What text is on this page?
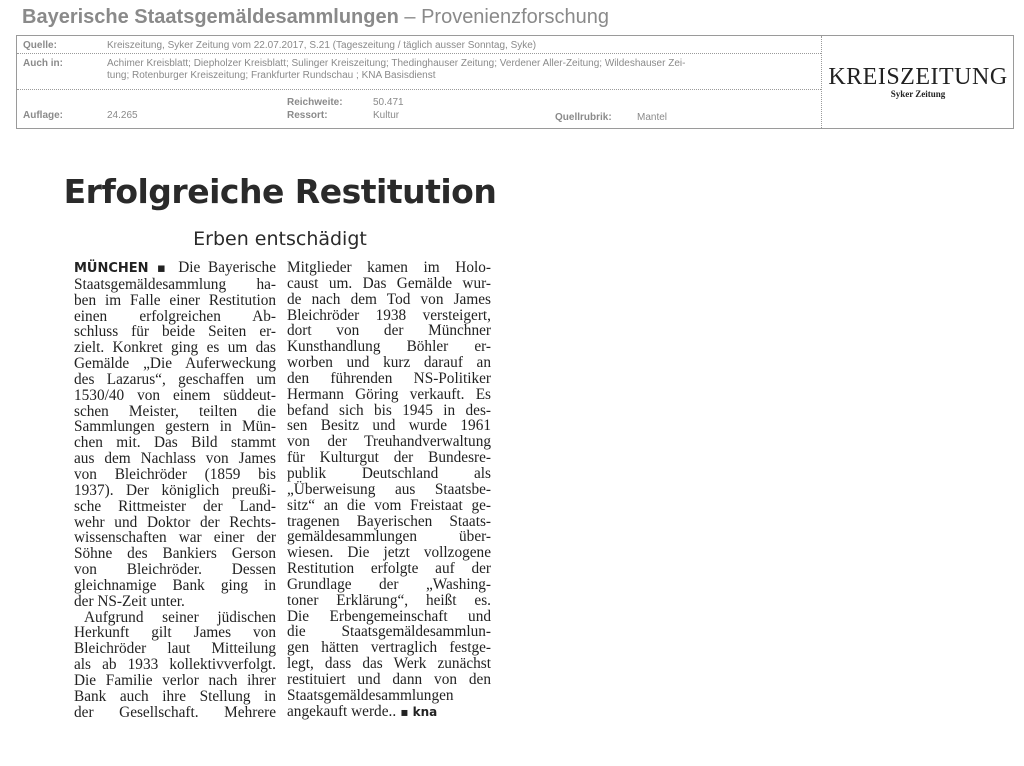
Bayerische Staatsgemäldesammlungen – Provenienzforschung
Quelle:	Kreiszeitung, Syker Zeitung vom 22.07.2017, S.21 (Tageszeitung / täglich ausser Sonntag, Syke)
Auch in:	Achimer Kreisblatt; Diepholzer Kreisblatt; Sulinger Kreiszeitung; Thedinghauser Zeitung; Verdener Aller-Zeitung; Wildeshauser Zei-
tung; Rotenburger Kreiszeitung; Frankfurter Rundschau ; KNA Basisdienst
Auflage:	24.265
Reichweite:	50.471
Ressort:	Kultur	Quellrubrik:	Mantel
KREISZEITUNG
Syker Zeitung
Erfolgreiche Restitution
Erben entschädigt
MÜNCHEN ▪ Die Bayerische
Staatsgemäldesammlung ha-
ben im Falle einer Restitution
einen erfolgreichen Ab-
schluss für beide Seiten er-
zielt. Konkret ging es um das
Gemälde „Die Auferweckung
des Lazarus“, geschaffen um
1530/40 von einem süddeut-
schen Meister, teilten die
Sammlungen gestern in Mün-
chen mit. Das Bild stammt
aus dem Nachlass von James
von Bleichröder (1859 bis
1937). Der königlich preußi-
sche Rittmeister der Land-
wehr und Doktor der Rechts-
wissenschaften war einer der
Söhne des Bankiers Gerson
von Bleichröder. Dessen
gleichnamige Bank ging in
der NS-Zeit unter.
Aufgrund seiner jüdischen
Herkunft gilt James von
Bleichröder laut Mitteilung
als ab 1933 kollektivverfolgt.
Die Familie verlor nach ihrer
Bank auch ihre Stellung in
der Gesellschaft. Mehrere
Mitglieder kamen im Holo-
caust um. Das Gemälde wur-
de nach dem Tod von James
Bleichröder 1938 versteigert,
dort von der Münchner
Kunsthandlung Böhler er-
worben und kurz darauf an
den führenden NS-Politiker
Hermann Göring verkauft. Es
befand sich bis 1945 in des-
sen Besitz und wurde 1961
von der Treuhandverwaltung
für Kulturgut der Bundesre-
publik Deutschland als
„Überweisung aus Staatsbe-
sitz“ an die vom Freistaat ge-
tragenen Bayerischen Staats-
gemäldesammlungen über-
wiesen. Die jetzt vollzogene
Restitution erfolgte auf der
Grundlage der „Washing-
toner Erklärung“, heißt es.
Die Erbengemeinschaft und
die Staatsgemäldesammlun-
gen hätten vertraglich festge-
legt, dass das Werk zunächst
restituiert und dann von den
Staatsgemäldesammlungen
angekauft werde.. ▪ kna
